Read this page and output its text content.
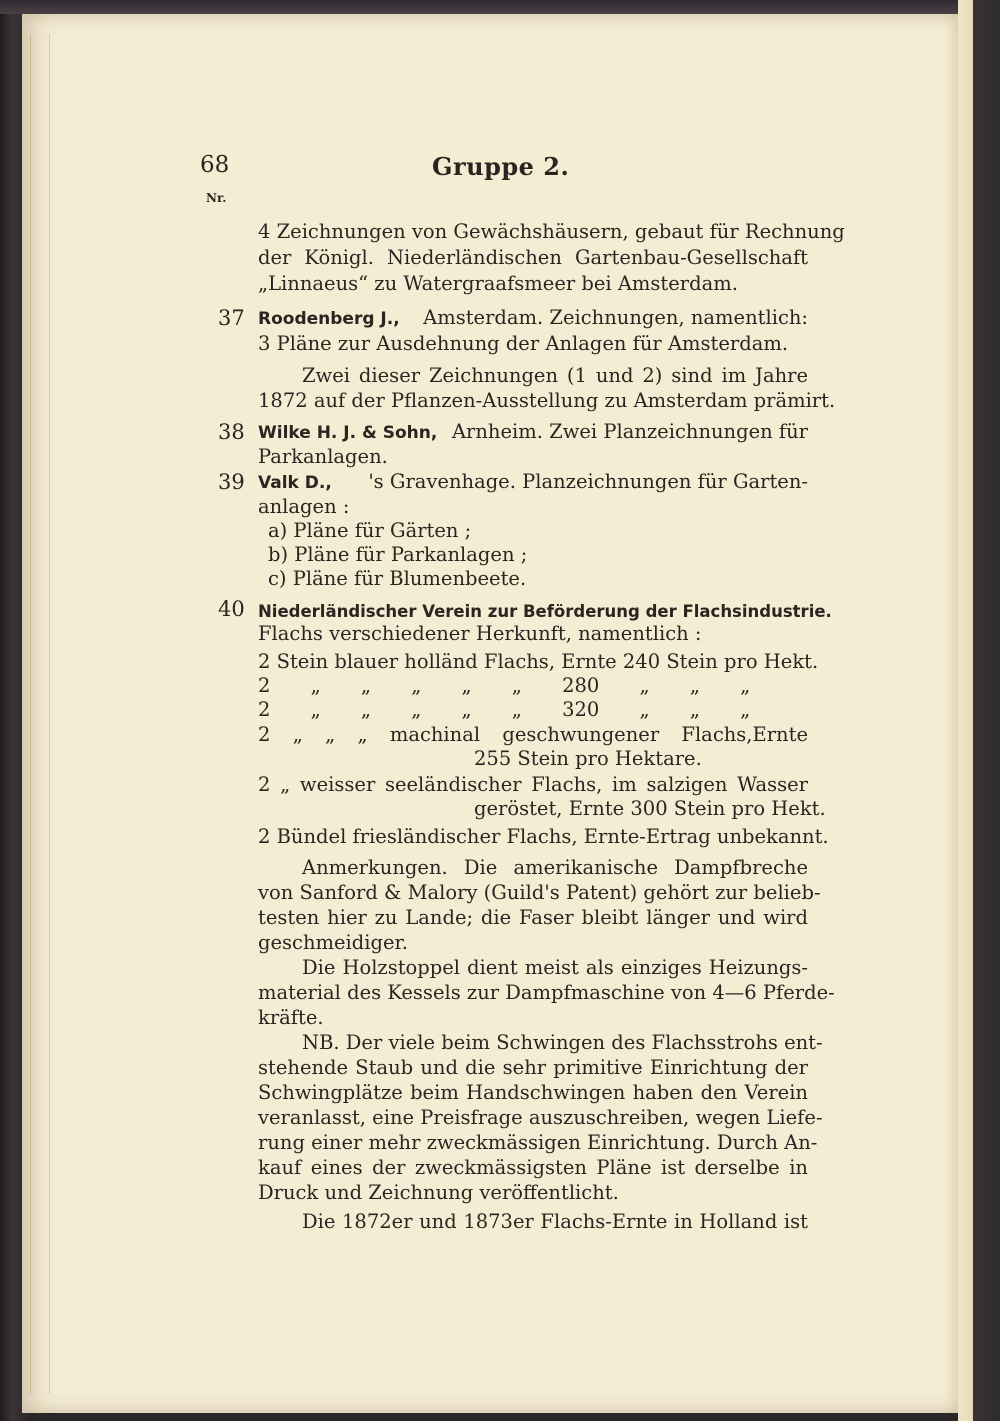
68	Gruppe 2.
Nr.
4 Zeichnungen von Gewächshäusern, gebaut für Rechnung
der Königl. Niederländischen Gartenbau-Gesellschaft
„Linnaeus“ zu Watergraafsmeer bei Amsterdam.
37 Roodenberg J., Amsterdam. Zeichnungen, namentlich:
3 Pläne zur Ausdehnung der Anlagen für Amsterdam.
Zwei dieser Zeichnungen (1 und 2) sind im Jahre
1872 auf der Pflanzen-Ausstellung zu Amsterdam prämirt.
38 Wilke H. J. & Sohn, Arnheim. Zwei Planzeichnungen für
Parkanlagen.
39 Valk D., 's Gravenhage. Planzeichnungen für Garten-
anlagen :
a) Pläne für Gärten ;
b) Pläne für Parkanlagen ;
c) Pläne für Blumenbeete.
40 Niederländischer Verein zur Beförderung der Flachsindustrie.
Flachs verschiedener Herkunft, namentlich :
2 Stein blauer holländ Flachs, Ernte 240 Stein pro Hekt.
2 „ „ „ „ „ 280 „ „ „
2 „ „ „ „ „ 320 „ „ „
2 „ „ „ machinal geschwungener Flachs,Ernte
255 Stein pro Hektare.
2 „ weisser seeländischer Flachs, im salzigen Wasser
geröstet, Ernte 300 Stein pro Hekt.
2 Bündel friesländischer Flachs, Ernte-Ertrag unbekannt.
Anmerkungen. Die amerikanische Dampfbreche
von Sanford & Malory (Guild's Patent) gehört zur belieb-
testen hier zu Lande; die Faser bleibt länger und wird
geschmeidiger.
Die Holzstoppel dient meist als einziges Heizungs-
material des Kessels zur Dampfmaschine von 4—6 Pferde-
kräfte.
NB. Der viele beim Schwingen des Flachsstrohs ent-
stehende Staub und die sehr primitive Einrichtung der
Schwingplätze beim Handschwingen haben den Verein
veranlasst, eine Preisfrage auszuschreiben, wegen Liefe-
rung einer mehr zweckmässigen Einrichtung. Durch An-
kauf eines der zweckmässigsten Pläne ist derselbe in
Druck und Zeichnung veröffentlicht.
Die 1872er und 1873er Flachs-Ernte in Holland ist
